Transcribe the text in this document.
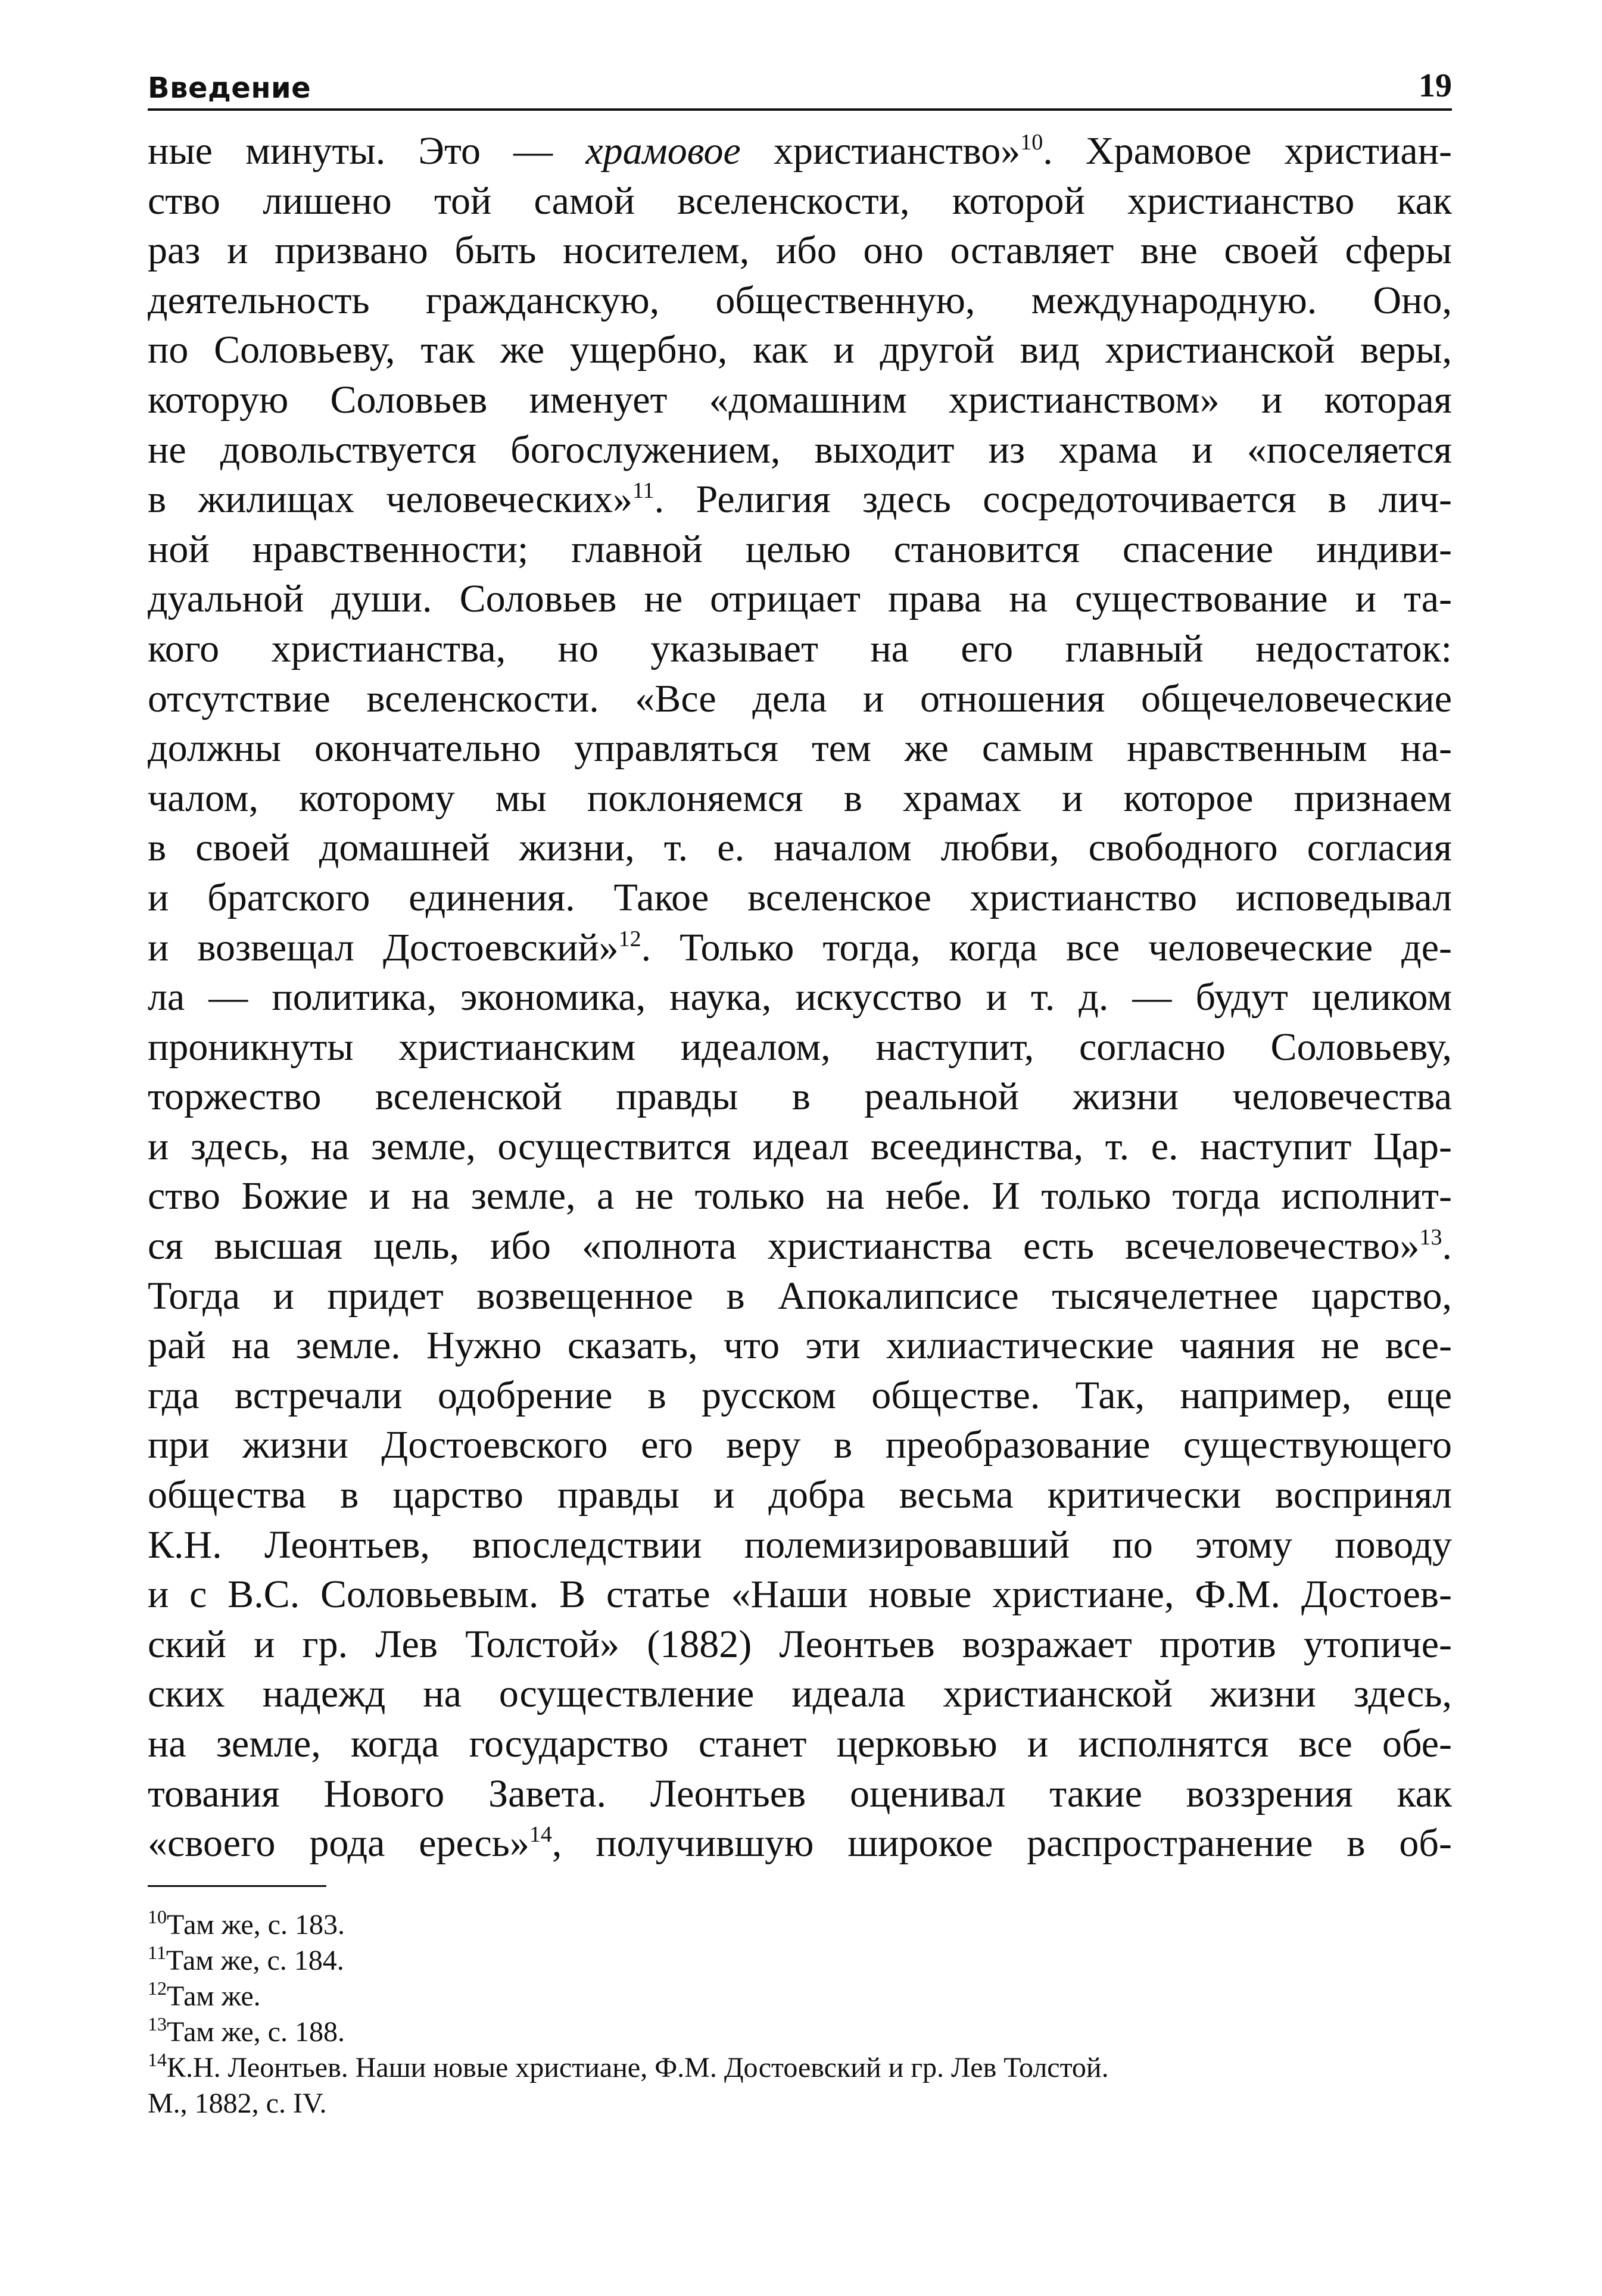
Введение	19
ные минуты. Это — храмовое христианство»$^{10}$. Храмовое христиан-
ство лишено той самой вселенскости, которой христианство как
раз и призвано быть носителем, ибо оно оставляет вне своей сферы
деятельность гражданскую, общественную, международную. Оно,
по Соловьеву, так же ущербно, как и другой вид христианской веры,
которую Соловьев именует «домашним христианством» и которая
не довольствуется богослужением, выходит из храма и «поселяется
в жилищах человеческих»$^{11}$. Религия здесь сосредоточивается в лич-
ной нравственности; главной целью становится спасение индиви-
дуальной души. Соловьев не отрицает права на существование и та-
кого христианства, но указывает на его главный недостаток:
отсутствие вселенскости. «Все дела и отношения общечеловеческие
должны окончательно управляться тем же самым нравственным на-
чалом, которому мы поклоняемся в храмах и которое признаем
в своей домашней жизни, т. е. началом любви, свободного согласия
и братского единения. Такое вселенское христианство исповедывал
и возвещал Достоевский»$^{12}$. Только тогда, когда все человеческие де-
ла — политика, экономика, наука, искусство и т. д. — будут целиком
проникнуты христианским идеалом, наступит, согласно Соловьеву,
торжество вселенской правды в реальной жизни человечества
и здесь, на земле, осуществится идеал всеединства, т. е. наступит Цар-
ство Божие и на земле, а не только на небе. И только тогда исполнит-
ся высшая цель, ибо «полнота христианства есть всечеловечество»$^{13}$.
Тогда и придет возвещенное в Апокалипсисе тысячелетнее царство,
рай на земле. Нужно сказать, что эти хилиастические чаяния не все-
гда встречали одобрение в русском обществе. Так, например, еще
при жизни Достоевского его веру в преобразование существующего
общества в царство правды и добра весьма критически воспринял
К.Н. Леонтьев, впоследствии полемизировавший по этому поводу
и с В.С. Соловьевым. В статье «Наши новые христиане, Ф.М. Достоев-
ский и гр. Лев Толстой» (1882) Леонтьев возражает против утопиче-
ских надежд на осуществление идеала христианской жизни здесь,
на земле, когда государство станет церковью и исполнятся все обе-
тования Нового Завета. Леонтьев оценивал такие воззрения как
«своего рода ересь»$^{14}$, получившую широкое распространение в об-
$^{10}$Там же, с. 183.
$^{11}$Там же, с. 184.
$^{12}$Там же.
$^{13}$Там же, с. 188.
$^{14}$К.Н. Леонтьев. Наши новые христиане, Ф.М. Достоевский и гр. Лев Толстой.
М., 1882, с. IV.
